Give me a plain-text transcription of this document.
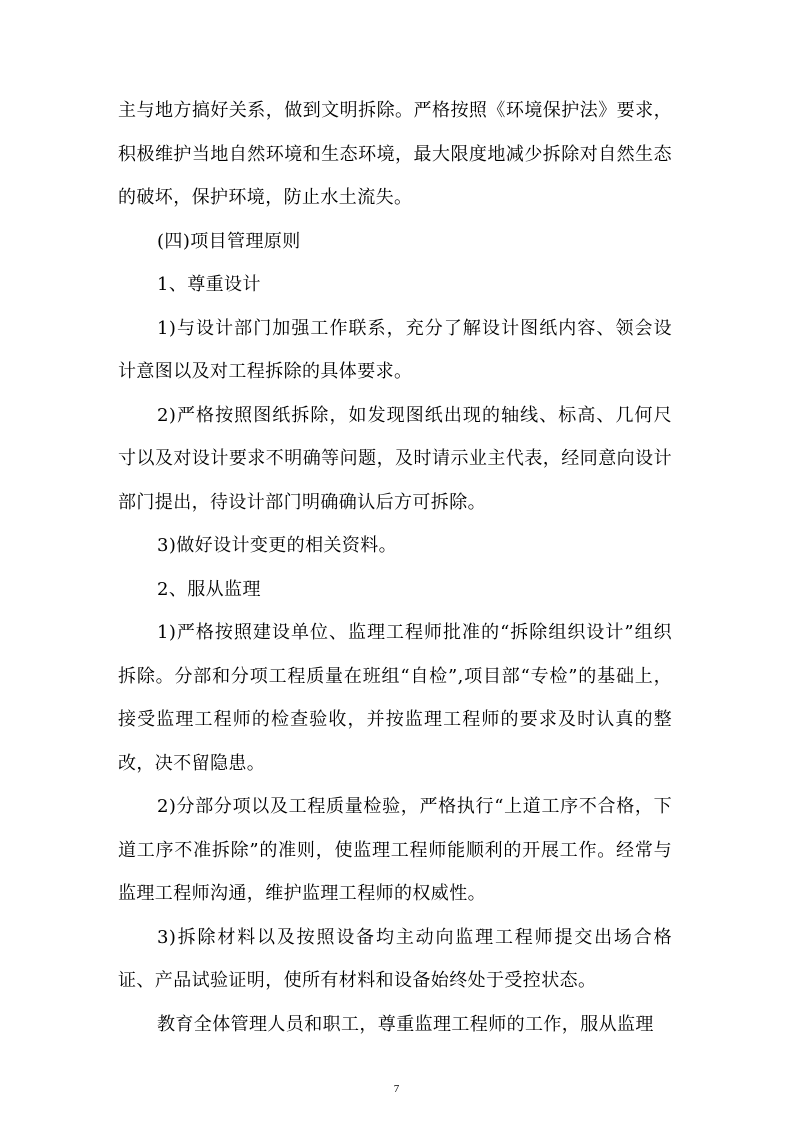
主与地方搞好关系，做到文明拆除。严格按照《环境保护法》要求，积极维护当地自然环境和生态环境，最大限度地减少拆除对自然生态的破坏，保护环境，防止水土流失。

(四)项目管理原则

1、尊重设计

1)与设计部门加强工作联系，充分了解设计图纸内容、领会设计意图以及对工程拆除的具体要求。

2)严格按照图纸拆除，如发现图纸出现的轴线、标高、几何尺寸以及对设计要求不明确等问题，及时请示业主代表，经同意向设计部门提出，待设计部门明确确认后方可拆除。

3)做好设计变更的相关资料。

2、服从监理

1)严格按照建设单位、监理工程师批准的“拆除组织设计”组织拆除。分部和分项工程质量在班组“自检”,项目部“专检”的基础上，接受监理工程师的检查验收，并按监理工程师的要求及时认真的整改，决不留隐患。

2)分部分项以及工程质量检验，严格执行“上道工序不合格，下道工序不准拆除”的准则，使监理工程师能顺利的开展工作。经常与监理工程师沟通，维护监理工程师的权威性。

3)拆除材料以及按照设备均主动向监理工程师提交出场合格证、产品试验证明，使所有材料和设备始终处于受控状态。

教育全体管理人员和职工，尊重监理工程师的工作，服从监理

7
